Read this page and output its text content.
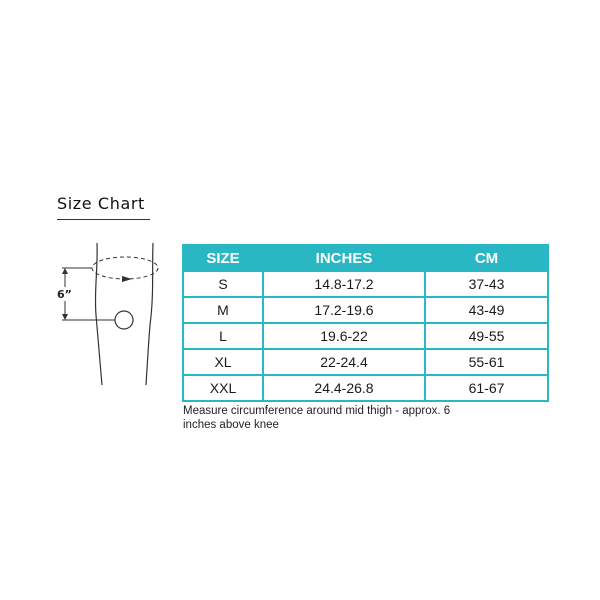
Size Chart
6”
SIZE	INCHES	CM
S	14.8-17.2	37-43
M	17.2-19.6	43-49
L	19.6-22	49-55
XL	22-24.4	55-61
XXL	24.4-26.8	61-67
Measure circumference around mid thigh - approx. 6 inches above knee
